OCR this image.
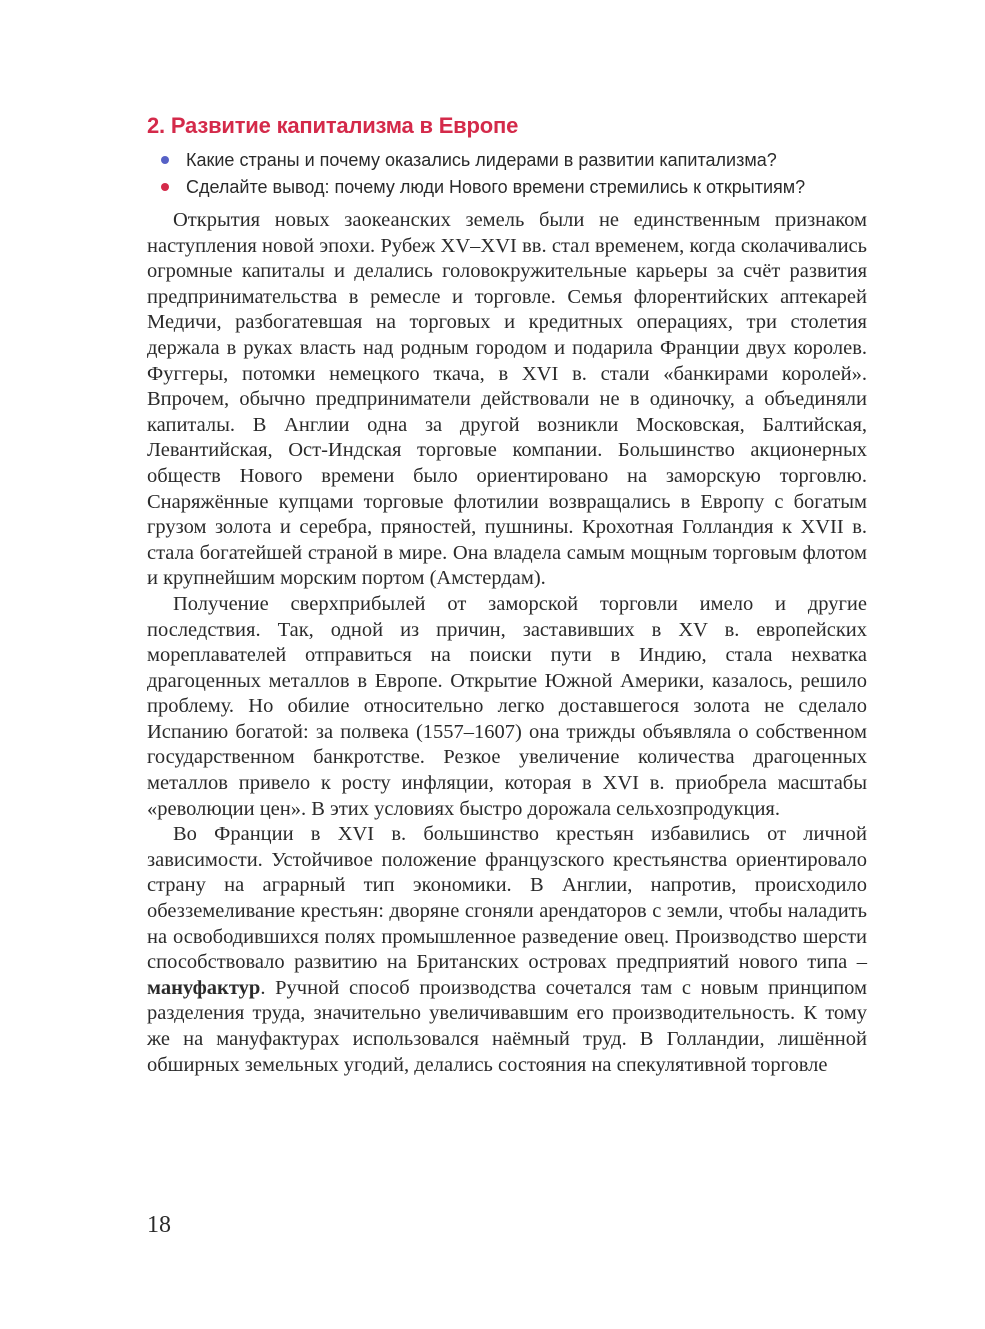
2. Развитие капитализма в Европе
Какие страны и почему оказались лидерами в развитии капитализма?
Сделайте вывод: почему люди Нового времени стремились к открытиям?

Открытия новых заокеанских земель были не единственным признаком наступления новой эпохи. Рубеж XV–XVI вв. стал временем, когда сколачивались огромные капиталы и делались головокружительные карьеры за счёт развития предпринимательства в ремесле и торговле. Семья флорентийских аптекарей Медичи, разбогатевшая на торговых и кредитных операциях, три столетия держала в руках власть над родным городом и подарила Франции двух королев. Фуггеры, потомки немецкого ткача, в XVI в. стали «банкирами королей». Впрочем, обычно предприниматели действовали не в одиночку, а объединяли капиталы. В Англии одна за другой возникли Московская, Балтийская, Левантийская, Ост-Индская торговые компании. Большинство акционерных обществ Нового времени было ориентировано на заморскую торговлю. Снаряжённые купцами торговые флотилии возвращались в Европу с богатым грузом золота и серебра, пряностей, пушнины. Крохотная Голландия к XVII в. стала богатейшей страной в мире. Она владела самым мощным торговым флотом и крупнейшим морским портом (Амстердам).

Получение сверхприбылей от заморской торговли имело и другие последствия. Так, одной из причин, заставивших в XV в. европейских мореплавателей отправиться на поиски пути в Индию, стала нехватка драгоценных металлов в Европе. Открытие Южной Америки, казалось, решило проблему. Но обилие относительно легко доставшегося золота не сделало Испанию богатой: за полвека (1557–1607) она трижды объявляла о собственном государственном банкротстве. Резкое увеличение количества драгоценных металлов привело к росту инфляции, которая в XVI в. приобрела масштабы «революции цен». В этих условиях быстро дорожала сельхозпродукция.

Во Франции в XVI в. большинство крестьян избавились от личной зависимости. Устойчивое положение французского крестьянства ориентировало страну на аграрный тип экономики. В Англии, напротив, происходило обезземеливание крестьян: дворяне сгоняли арендаторов с земли, чтобы наладить на освободившихся полях промышленное разведение овец. Производство шерсти способствовало развитию на Британских островах предприятий нового типа – мануфактур. Ручной способ производства сочетался там с новым принципом разделения труда, значительно увеличивавшим его производительность. К тому же на мануфактурах использовался наёмный труд. В Голландии, лишённой обширных земельных угодий, делались состояния на спекулятивной торговле

18
